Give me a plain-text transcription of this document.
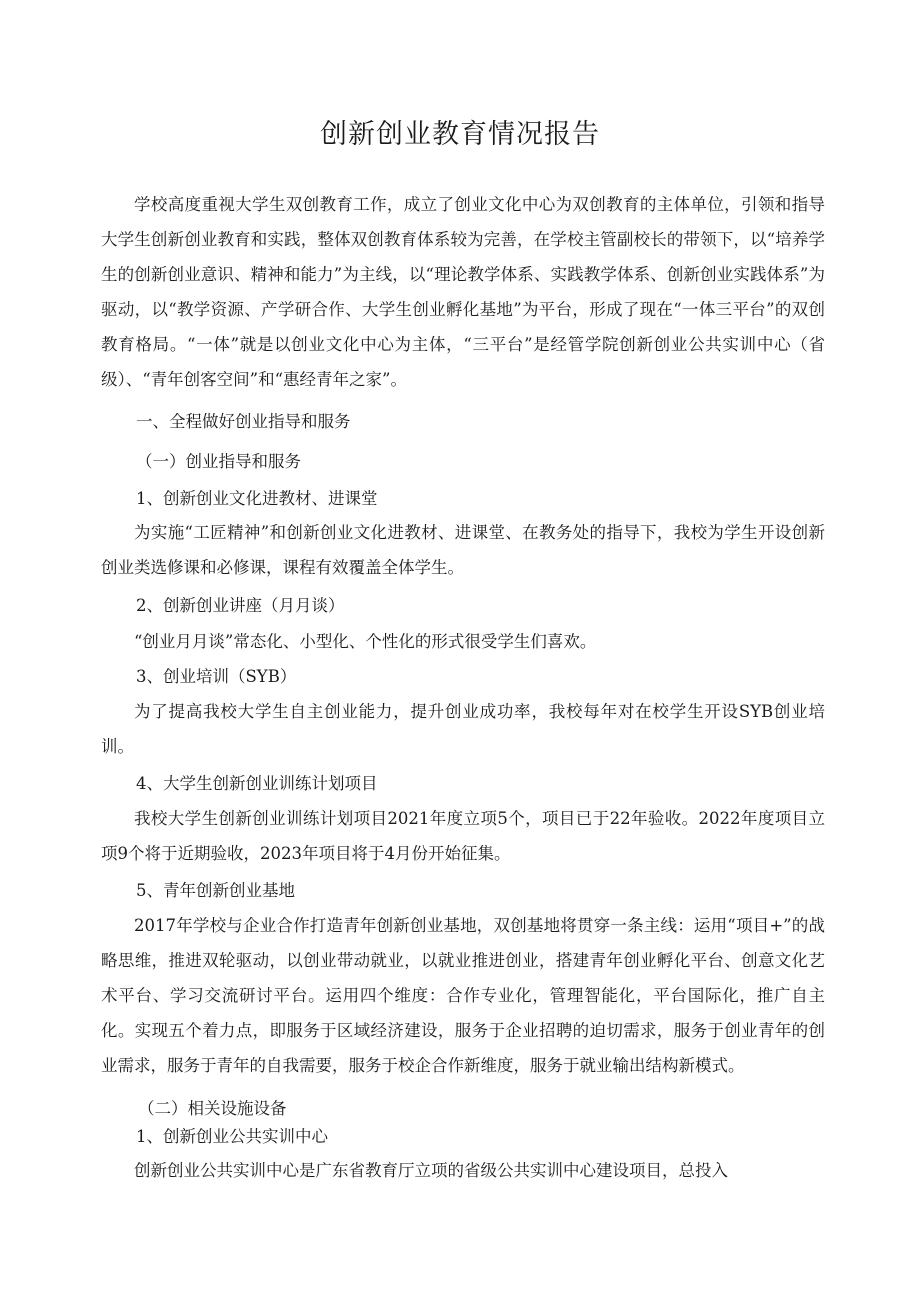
创新创业教育情况报告
学校高度重视大学生双创教育工作，成立了创业文化中心为双创教育的主体单位，引领和指导大学生创新创业教育和实践，整体双创教育体系较为完善，在学校主管副校长的带领下，以“培养学生的创新创业意识、精神和能力”为主线，以“理论教学体系、实践教学体系、创新创业实践体系”为驱动，以“教学资源、产学研合作、大学生创业孵化基地”为平台，形成了现在“一体三平台”的双创教育格局。“一体”就是以创业文化中心为主体，“三平台”是经管学院创新创业公共实训中心（省级）、“青年创客空间”和“惠经青年之家”。
一、全程做好创业指导和服务
（一）创业指导和服务
1、创新创业文化进教材、进课堂
为实施“工匠精神”和创新创业文化进教材、进课堂、在教务处的指导下，我校为学生开设创新创业类选修课和必修课，课程有效覆盖全体学生。
2、创新创业讲座（月月谈）
“创业月月谈”常态化、小型化、个性化的形式很受学生们喜欢。
3、创业培训（SYB）
为了提高我校大学生自主创业能力，提升创业成功率，我校每年对在校学生开设SYB创业培训。
4、大学生创新创业训练计划项目
我校大学生创新创业训练计划项目2021年度立项5个，项目已于22年验收。2022年度项目立项9个将于近期验收，2023年项目将于4月份开始征集。
5、青年创新创业基地
2017年学校与企业合作打造青年创新创业基地，双创基地将贯穿一条主线：运用“项目+”的战略思维，推进双轮驱动，以创业带动就业，以就业推进创业，搭建青年创业孵化平台、创意文化艺术平台、学习交流研讨平台。运用四个维度：合作专业化，管理智能化，平台国际化，推广自主化。实现五个着力点，即服务于区域经济建设，服务于企业招聘的迫切需求，服务于创业青年的创业需求，服务于青年的自我需要，服务于校企合作新维度，服务于就业输出结构新模式。
（二）相关设施设备
1、创新创业公共实训中心
创新创业公共实训中心是广东省教育厅立项的省级公共实训中心建设项目，总投入
